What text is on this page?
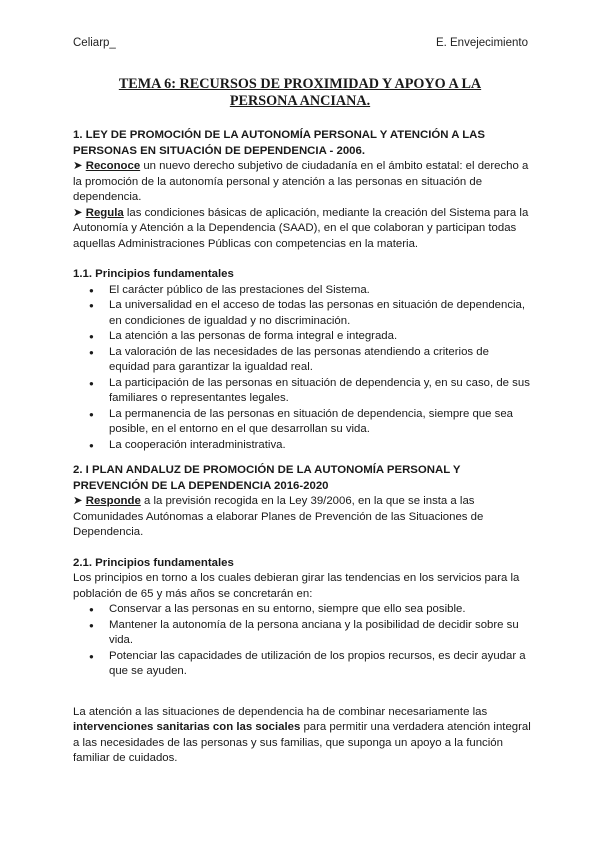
Celiarp_	E. Envejecimiento
TEMA 6: RECURSOS DE PROXIMIDAD Y APOYO A LA PERSONA ANCIANA.

1. LEY DE PROMOCIÓN DE LA AUTONOMÍA PERSONAL Y ATENCIÓN A LAS PERSONAS EN SITUACIÓN DE DEPENDENCIA - 2006.

➤ Reconoce un nuevo derecho subjetivo de ciudadanía en el ámbito estatal: el derecho a la promoción de la autonomía personal y atención a las personas en situación de dependencia.

➤ Regula las condiciones básicas de aplicación, mediante la creación del Sistema para la Autonomía y Atención a la Dependencia (SAAD), en el que colaboran y participan todas aquellas Administraciones Públicas con competencias en la materia.

1.1. Principios fundamentales

● El carácter público de las prestaciones del Sistema.
● La universalidad en el acceso de todas las personas en situación de dependencia, en condiciones de igualdad y no discriminación.
● La atención a las personas de forma integral e integrada.
● La valoración de las necesidades de las personas atendiendo a criterios de equidad para garantizar la igualdad real.
● La participación de las personas en situación de dependencia y, en su caso, de sus familiares o representantes legales.
● La permanencia de las personas en situación de dependencia, siempre que sea posible, en el entorno en el que desarrollan su vida.
● La cooperación interadministrativa.

2. I PLAN ANDALUZ DE PROMOCIÓN DE LA AUTONOMÍA PERSONAL Y PREVENCIÓN DE LA DEPENDENCIA 2016-2020

➤ Responde a la previsión recogida en la Ley 39/2006, en la que se insta a las Comunidades Autónomas a elaborar Planes de Prevención de las Situaciones de Dependencia.

2.1. Principios fundamentales

Los principios en torno a los cuales debieran girar las tendencias en los servicios para la población de 65 y más años se concretarán en:

● Conservar a las personas en su entorno, siempre que ello sea posible.
● Mantener la autonomía de la persona anciana y la posibilidad de decidir sobre su vida.
● Potenciar las capacidades de utilización de los propios recursos, es decir ayudar a que se ayuden.

La atención a las situaciones de dependencia ha de combinar necesariamente las intervenciones sanitarias con las sociales para permitir una verdadera atención integral a las necesidades de las personas y sus familias, que suponga un apoyo a la función familiar de cuidados.
